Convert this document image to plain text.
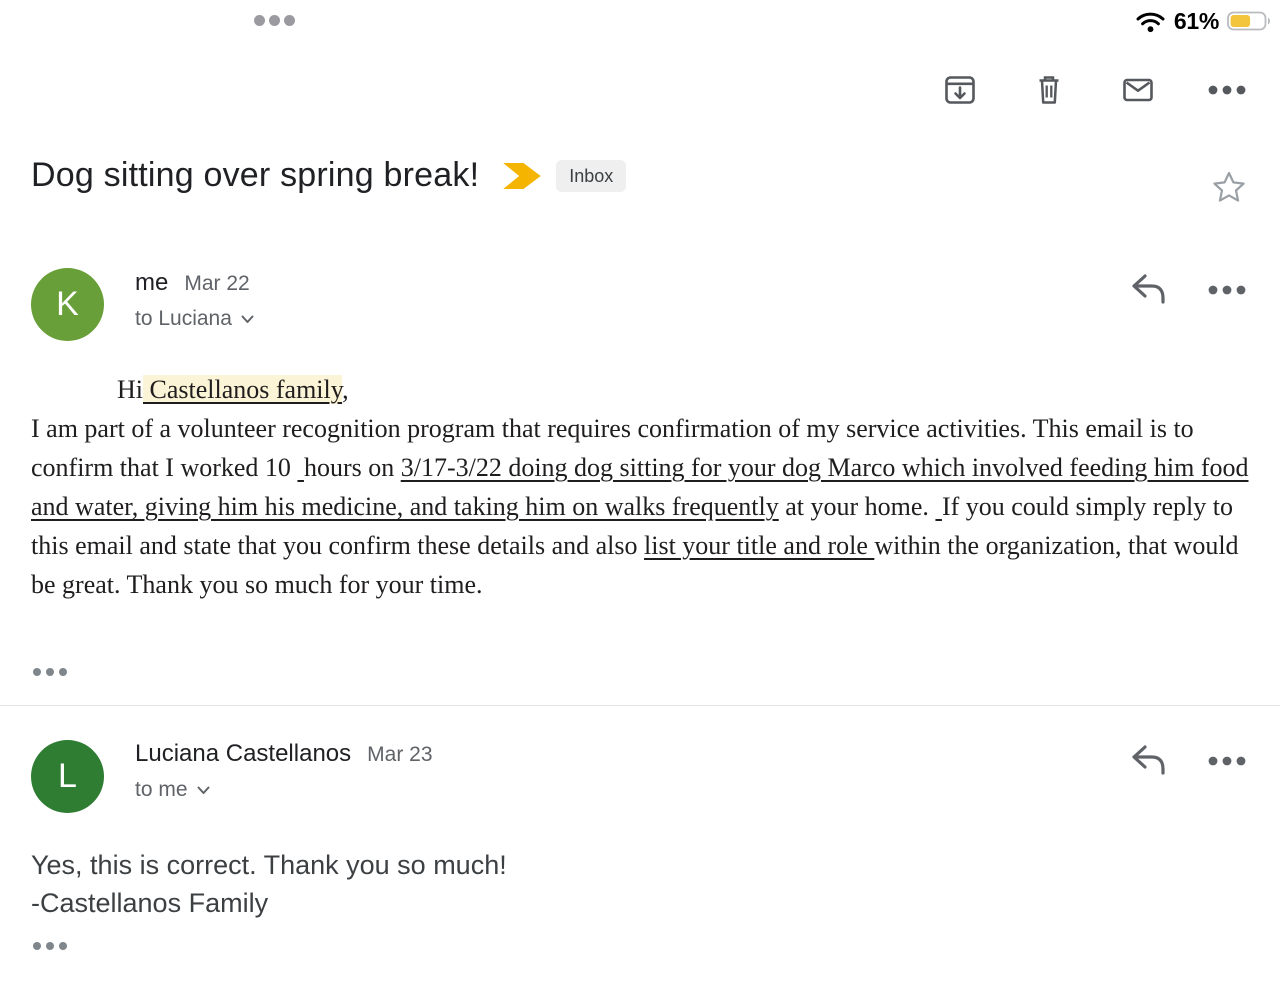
61%
Dog sitting over spring break!	Inbox
K
me Mar 22
to Luciana
Hi Castellanos family,
I am part of a volunteer recognition program that requires confirmation of my service activities. This email is to confirm that I worked 10  hours on 3/17-3/22 doing dog sitting for your dog Marco which involved feeding him food and water, giving him his medicine, and taking him on walks frequently at your home.  If you could simply reply to this email and state that you confirm these details and also list your title and role within the organization, that would be great. Thank you so much for your time.
L
Luciana Castellanos Mar 23
to me
Yes, this is correct. Thank you so much!
-Castellanos Family
